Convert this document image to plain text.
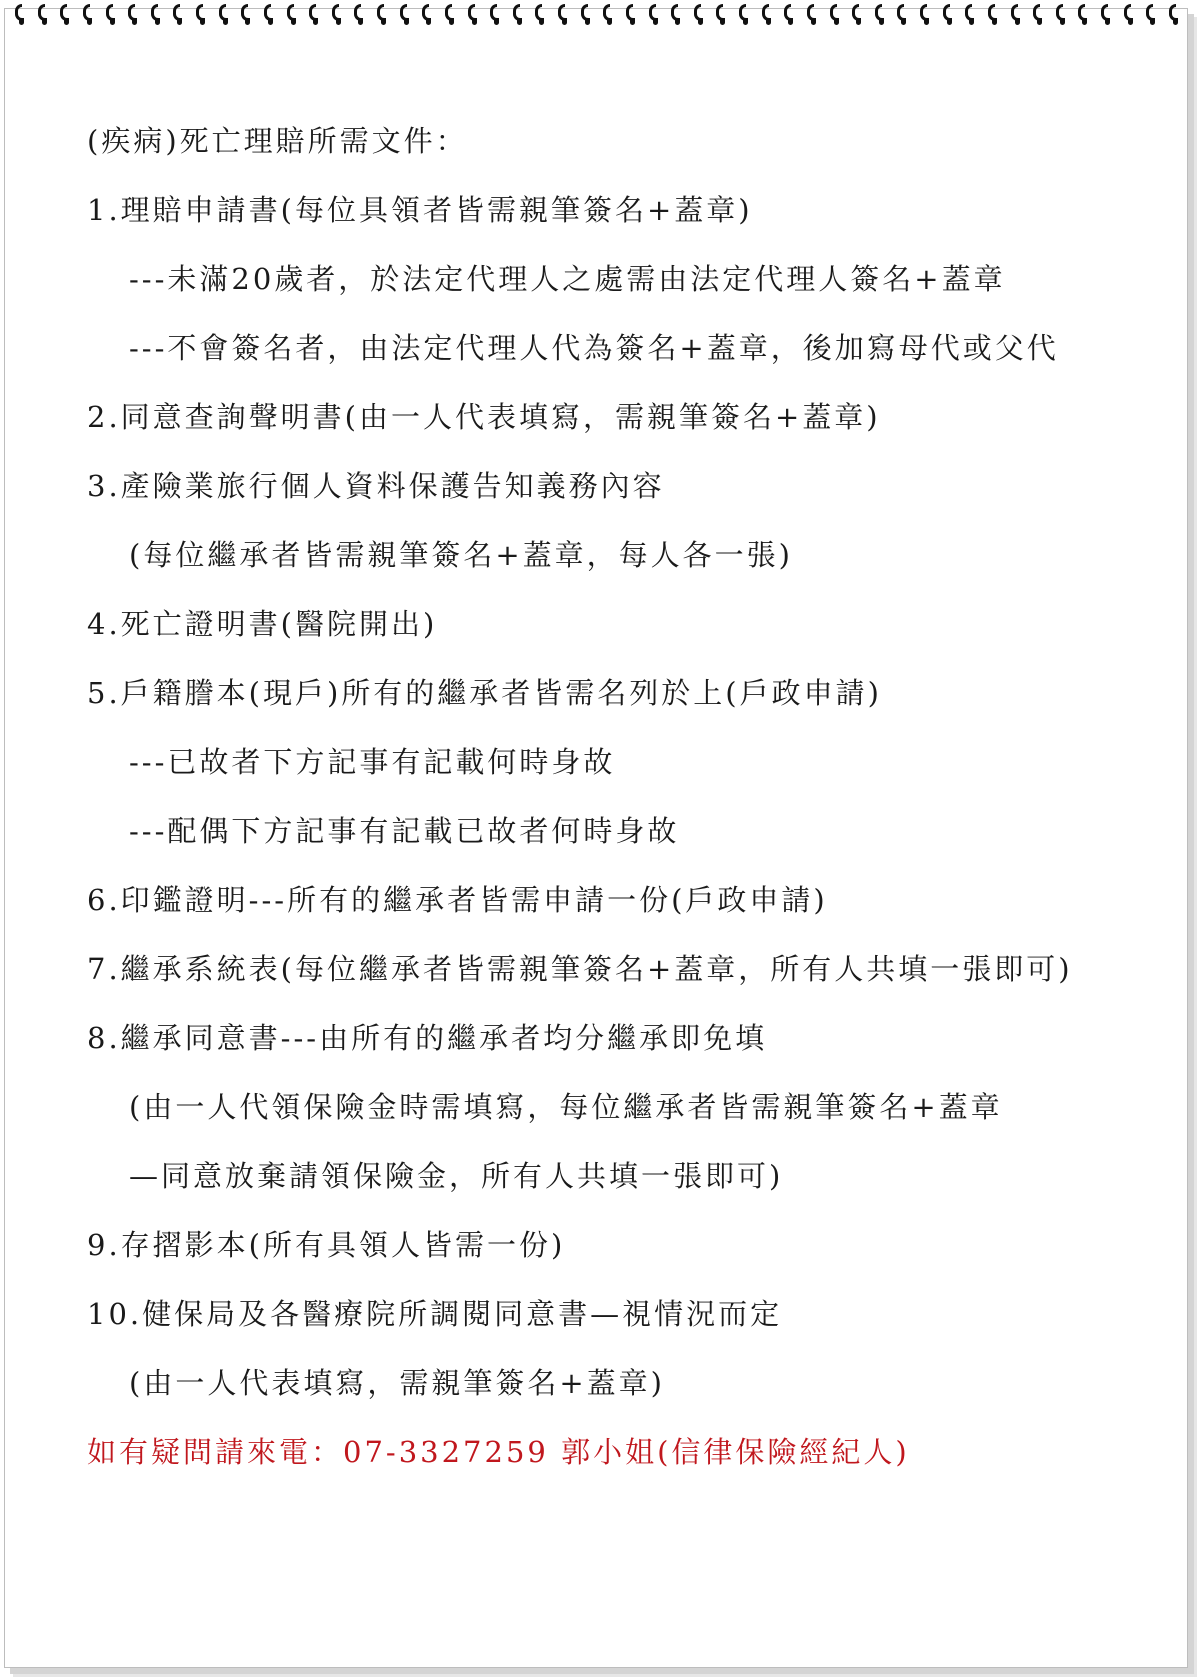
(疾病)死亡理賠所需文件：
1.理賠申請書(每位具領者皆需親筆簽名+蓋章)
---未滿20歲者，於法定代理人之處需由法定代理人簽名+蓋章
---不會簽名者，由法定代理人代為簽名+蓋章，後加寫母代或父代
2.同意查詢聲明書(由一人代表填寫，需親筆簽名+蓋章)
3.產險業旅行個人資料保護告知義務內容
(每位繼承者皆需親筆簽名+蓋章，每人各一張)
4.死亡證明書(醫院開出)
5.戶籍謄本(現戶)所有的繼承者皆需名列於上(戶政申請)
---已故者下方記事有記載何時身故
---配偶下方記事有記載已故者何時身故
6.印鑑證明---所有的繼承者皆需申請一份(戶政申請)
7.繼承系統表(每位繼承者皆需親筆簽名+蓋章，所有人共填一張即可)
8.繼承同意書---由所有的繼承者均分繼承即免填
(由一人代領保險金時需填寫，每位繼承者皆需親筆簽名+蓋章
—同意放棄請領保險金，所有人共填一張即可)
9.存摺影本(所有具領人皆需一份)
10.健保局及各醫療院所調閱同意書—視情況而定
(由一人代表填寫，需親筆簽名+蓋章)
如有疑問請來電：07-3327259 郭小姐(信律保險經紀人)
